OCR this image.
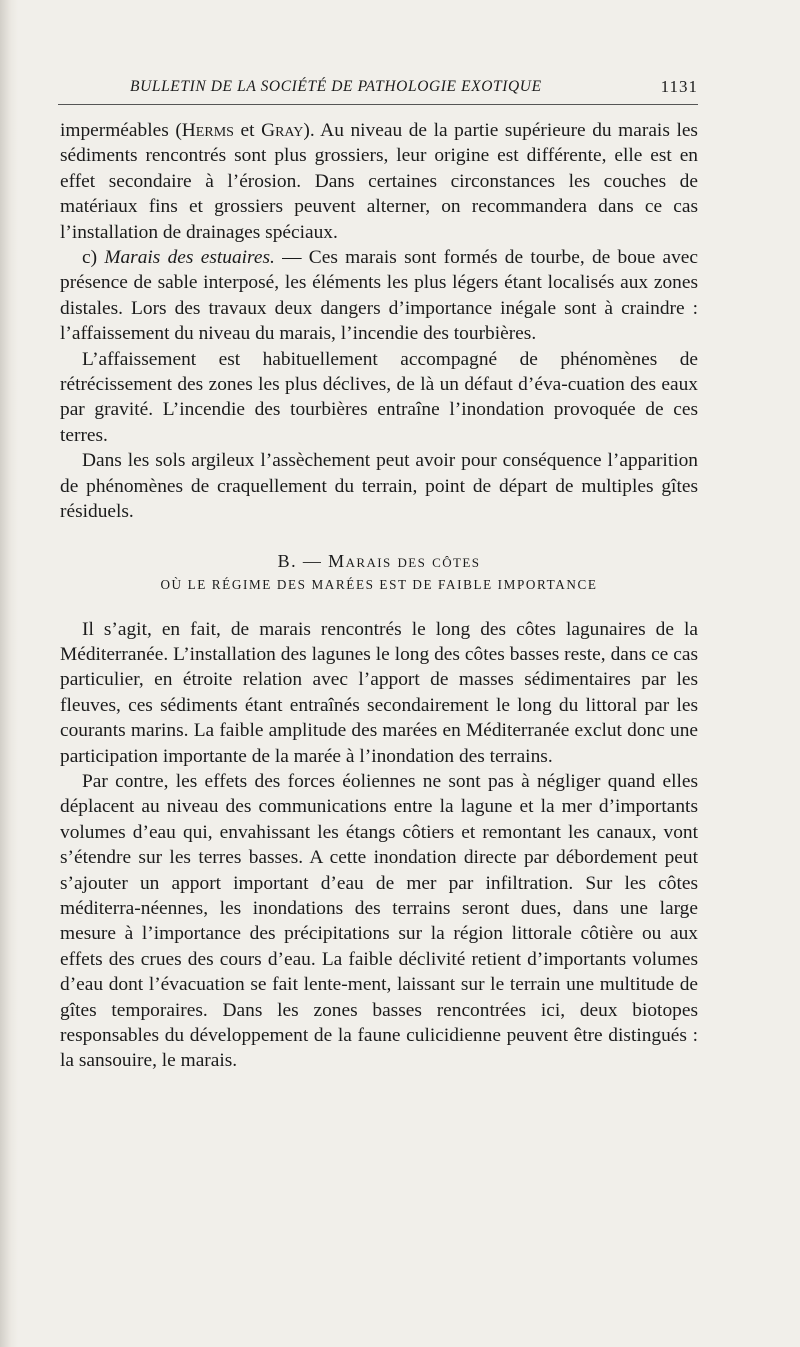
BULLETIN DE LA SOCIÉTÉ DE PATHOLOGIE EXOTIQUE	1131

imperméables (Herms et Gray). Au niveau de la partie supérieure du marais les sédiments rencontrés sont plus grossiers, leur origine est différente, elle est en effet secondaire à l’érosion. Dans certaines circonstances les couches de matériaux fins et grossiers peuvent alterner, on recommandera dans ce cas l’installation de drainages spéciaux.

c) Marais des estuaires. — Ces marais sont formés de tourbe, de boue avec présence de sable interposé, les éléments les plus légers étant localisés aux zones distales. Lors des travaux deux dangers d’importance inégale sont à craindre : l’affaissement du niveau du marais, l’incendie des tourbières.

L’affaissement est habituellement accompagné de phénomènes de rétrécissement des zones les plus déclives, de là un défaut d’éva-cuation des eaux par gravité. L’incendie des tourbières entraîne l’inondation provoquée de ces terres.

Dans les sols argileux l’assèchement peut avoir pour conséquence l’apparition de phénomènes de craquellement du terrain, point de départ de multiples gîtes résiduels.

B. — Marais des côtes
OÙ LE RÉGIME DES MARÉES EST DE FAIBLE IMPORTANCE

Il s’agit, en fait, de marais rencontrés le long des côtes lagunaires de la Méditerranée. L’installation des lagunes le long des côtes basses reste, dans ce cas particulier, en étroite relation avec l’apport de masses sédimentaires par les fleuves, ces sédiments étant entraînés secondairement le long du littoral par les courants marins. La faible amplitude des marées en Méditerranée exclut donc une participation importante de la marée à l’inondation des terrains.

Par contre, les effets des forces éoliennes ne sont pas à négliger quand elles déplacent au niveau des communications entre la lagune et la mer d’importants volumes d’eau qui, envahissant les étangs côtiers et remontant les canaux, vont s’étendre sur les terres basses. A cette inondation directe par débordement peut s’ajouter un apport important d’eau de mer par infiltration. Sur les côtes méditerra-néennes, les inondations des terrains seront dues, dans une large mesure à l’importance des précipitations sur la région littorale côtière ou aux effets des crues des cours d’eau. La faible déclivité retient d’importants volumes d’eau dont l’évacuation se fait lente-ment, laissant sur le terrain une multitude de gîtes temporaires. Dans les zones basses rencontrées ici, deux biotopes responsables du développement de la faune culicidienne peuvent être distingués : la sansouire, le marais.
